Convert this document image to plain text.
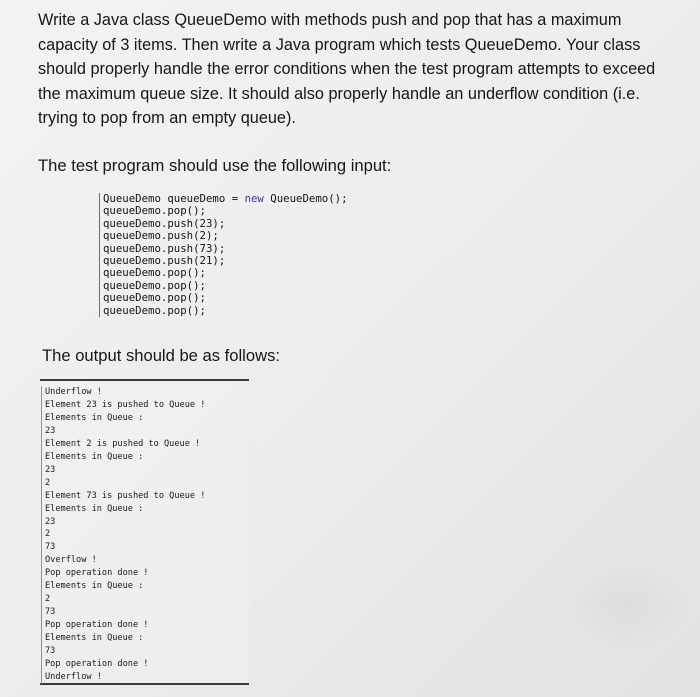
Write a Java class QueueDemo with methods push and pop that has a maximum capacity of 3 items. Then write a Java program which tests QueueDemo. Your class should properly handle the error conditions when the test program attempts to exceed the maximum queue size. It should also properly handle an underflow condition (i.e. trying to pop from an empty queue).

The test program should use the following input:

QueueDemo queueDemo = new QueueDemo();
queueDemo.pop();
queueDemo.push(23);
queueDemo.push(2);
queueDemo.push(73);
queueDemo.push(21);
queueDemo.pop();
queueDemo.pop();
queueDemo.pop();
queueDemo.pop();

The output should be as follows:

Underflow !
Element 23 is pushed to Queue !
Elements in Queue :
23
Element 2 is pushed to Queue !
Elements in Queue :
23
2
Element 73 is pushed to Queue !
Elements in Queue :
23
2
73
Overflow !
Pop operation done !
Elements in Queue :
2
73
Pop operation done !
Elements in Queue :
73
Pop operation done !
Underflow !
